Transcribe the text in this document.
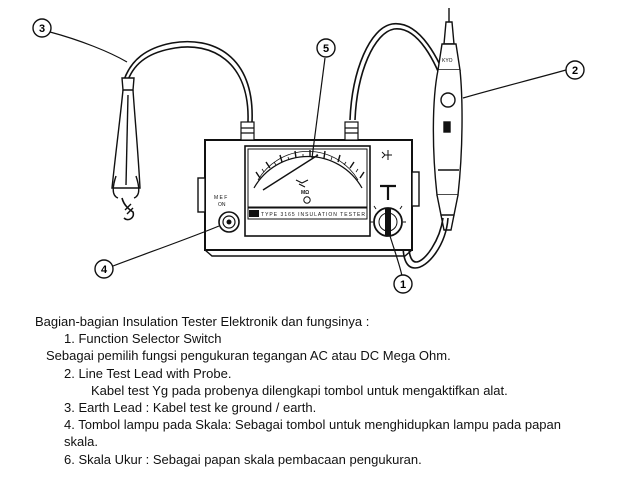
KYO
M E F
ON
MΩ
TYPE 3165 INSULATION TESTER
3
5
2
4
1
Bagian-bagian Insulation Tester Elektronik dan fungsinya :
1. Function Selector Switch
Sebagai pemilih fungsi pengukuran tegangan AC atau DC Mega Ohm.
2. Line Test Lead with Probe.
Kabel test Yg pada probenya dilengkapi tombol untuk mengaktifkan alat.
3. Earth Lead : Kabel test ke ground / earth.
4. Tombol lampu pada Skala: Sebagai tombol untuk menghidupkan lampu pada papan
skala.
6. Skala Ukur : Sebagai papan skala pembacaan pengukuran.
